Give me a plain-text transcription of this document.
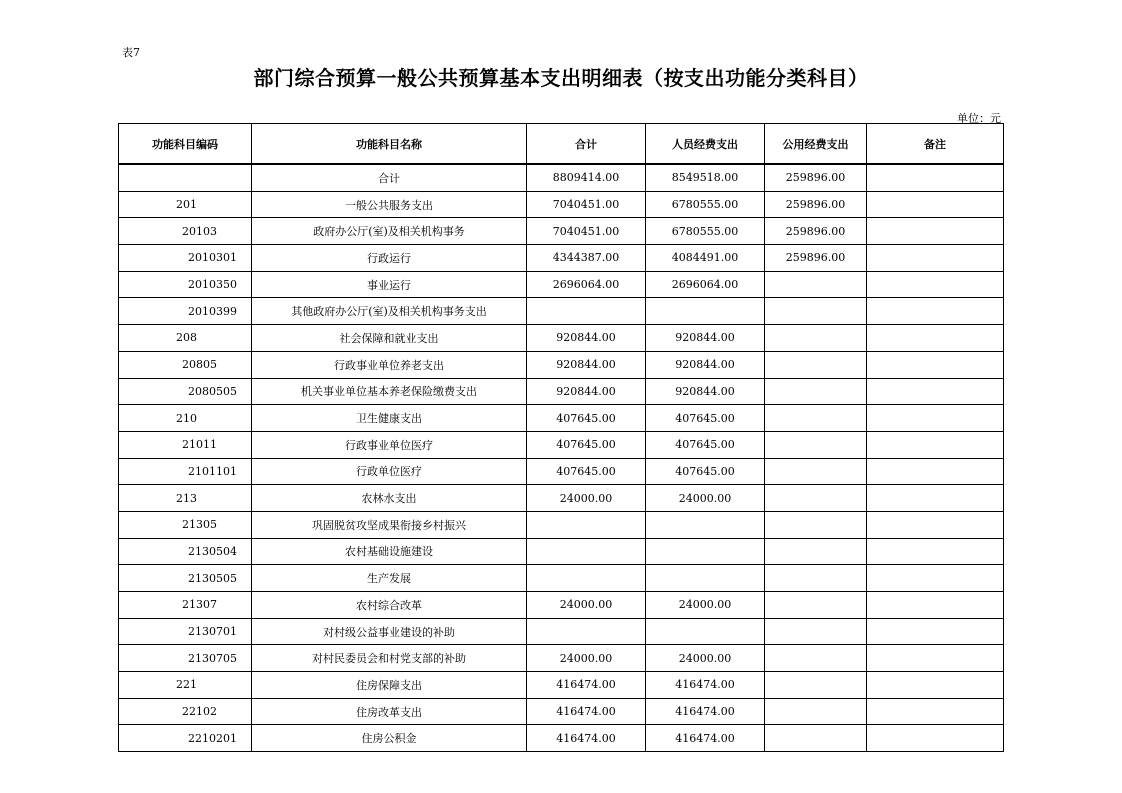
表7
部门综合预算一般公共预算基本支出明细表（按支出功能分类科目）
单位：元
功能科目编码	功能科目名称	合计	人员经费支出	公用经费支出	备注
	合计	8809414.00	8549518.00	259896.00	
201	一般公共服务支出	7040451.00	6780555.00	259896.00	
20103	政府办公厅(室)及相关机构事务	7040451.00	6780555.00	259896.00	
2010301	行政运行	4344387.00	4084491.00	259896.00	
2010350	事业运行	2696064.00	2696064.00		
2010399	其他政府办公厅(室)及相关机构事务支出				
208	社会保障和就业支出	920844.00	920844.00		
20805	行政事业单位养老支出	920844.00	920844.00		
2080505	机关事业单位基本养老保险缴费支出	920844.00	920844.00		
210	卫生健康支出	407645.00	407645.00		
21011	行政事业单位医疗	407645.00	407645.00		
2101101	行政单位医疗	407645.00	407645.00		
213	农林水支出	24000.00	24000.00		
21305	巩固脱贫攻坚成果衔接乡村振兴				
2130504	农村基础设施建设				
2130505	生产发展				
21307	农村综合改革	24000.00	24000.00		
2130701	对村级公益事业建设的补助				
2130705	对村民委员会和村党支部的补助	24000.00	24000.00		
221	住房保障支出	416474.00	416474.00		
22102	住房改革支出	416474.00	416474.00		
2210201	住房公积金	416474.00	416474.00		
